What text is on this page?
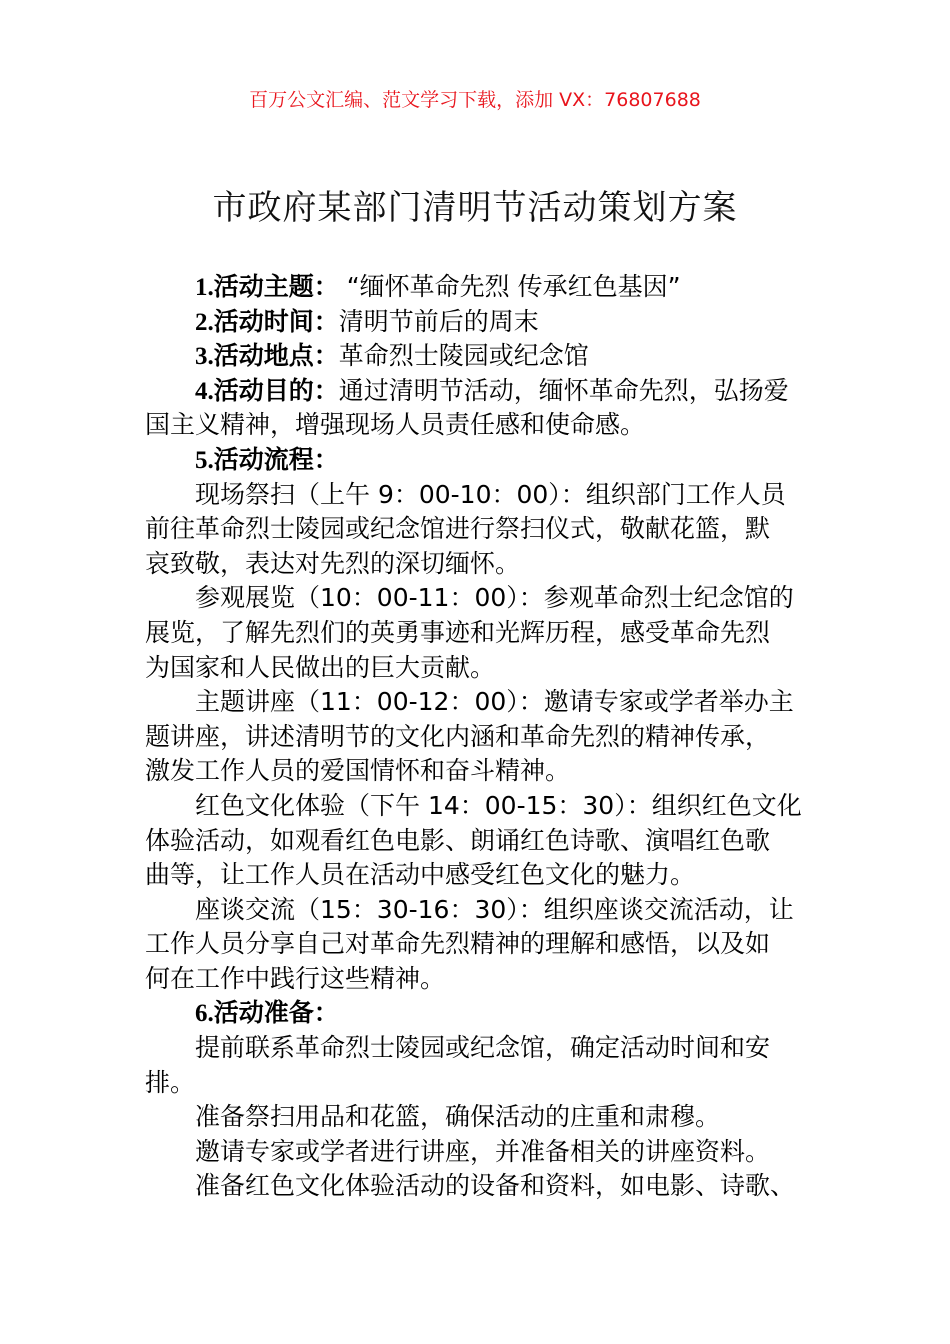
百万公文汇编、范文学习下载，添加 VX：76807688
市政府某部门清明节活动策划方案
1.活动主题： “缅怀革命先烈 传承红色基因”
2.活动时间：清明节前后的周末
3.活动地点：革命烈士陵园或纪念馆
4.活动目的：通过清明节活动，缅怀革命先烈，弘扬爱
国主义精神，增强现场人员责任感和使命感。
5.活动流程：
现场祭扫（上午 9：00-10：00）：组织部门工作人员
前往革命烈士陵园或纪念馆进行祭扫仪式，敬献花篮，默
哀致敬，表达对先烈的深切缅怀。
参观展览（10：00-11：00）：参观革命烈士纪念馆的
展览，了解先烈们的英勇事迹和光辉历程，感受革命先烈
为国家和人民做出的巨大贡献。
主题讲座（11：00-12：00）：邀请专家或学者举办主
题讲座，讲述清明节的文化内涵和革命先烈的精神传承，
激发工作人员的爱国情怀和奋斗精神。
红色文化体验（下午 14：00-15：30）：组织红色文化
体验活动，如观看红色电影、朗诵红色诗歌、演唱红色歌
曲等，让工作人员在活动中感受红色文化的魅力。
座谈交流（15：30-16：30）：组织座谈交流活动，让
工作人员分享自己对革命先烈精神的理解和感悟，以及如
何在工作中践行这些精神。
6.活动准备：
提前联系革命烈士陵园或纪念馆，确定活动时间和安
排。
准备祭扫用品和花篮，确保活动的庄重和肃穆。
邀请专家或学者进行讲座，并准备相关的讲座资料。
准备红色文化体验活动的设备和资料，如电影、诗歌、
